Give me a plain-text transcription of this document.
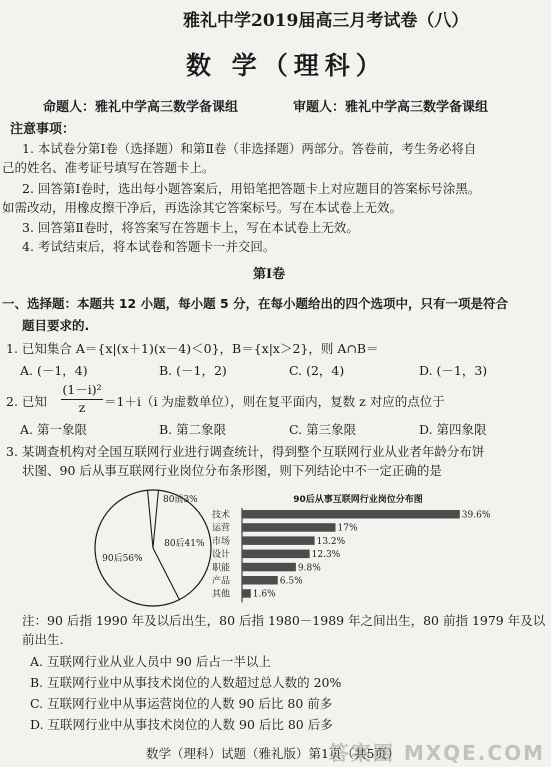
雅礼中学2019届高三月考试卷（八）
数 学（理科）
命题人：雅礼中学高三数学备课组	审题人：雅礼中学高三数学备课组
注意事项：
1. 本试卷分第Ⅰ卷（选择题）和第Ⅱ卷（非选择题）两部分。答卷前，考生务必将自
己的姓名、准考证号填写在答题卡上。
2. 回答第Ⅰ卷时，选出每小题答案后，用铅笔把答题卡上对应题目的答案标号涂黑。
如需改动，用橡皮擦干净后，再选涂其它答案标号。写在本试卷上无效。
3. 回答第Ⅱ卷时，将答案写在答题卡上，写在本试卷上无效。
4. 考试结束后，将本试卷和答题卡一并交回。
第Ⅰ卷
一、选择题：本题共 12 小题，每小题 5 分，在每小题给出的四个选项中，只有一项是符合
题目要求的.
1. 已知集合 A＝{x|(x＋1)(x－4)＜0}，B＝{x|x＞2}，则 A∩B＝
A. (－1，4)	B. (－1，2)	C. (2，4)	D. (－1，3)
2. 已知 $\frac{\text{(1－i)²}}{z} =1+i(i$ 为虚数单位），则在复平面内，复数 z 对应的点位于
A. 第一象限	B. 第二象限	C. 第三象限	D. 第四象限
3. 某调查机构对全国互联网行业进行调查统计，得到整个互联网行业从业者年龄分布饼
状图、90 后从事互联网行业岗位分布条形图，则下列结论中不一定正确的是
80前3%
80后41%
90后56%
90后从事互联网行业岗位分布图
技术	39.6%
运营	17%
市场	13.2%
设计	12.3%
职能	9.8%
产品	6.5%
其他	1.6%
注：90 后指 1990 年及以后出生，80 后指 1980－1989 年之间出生，80 前指 1979 年及以
前出生.
A. 互联网行业从业人员中 90 后占一半以上
B. 互联网行业中从事技术岗位的人数超过总人数的 20%
C. 互联网行业中从事运营岗位的人数 90 后比 80 前多
D. 互联网行业中从事技术岗位的人数 90 后比 80 后多
数学（理科）试题（雅礼版）第1页（共5页）
答案圈 MXQE.COM
